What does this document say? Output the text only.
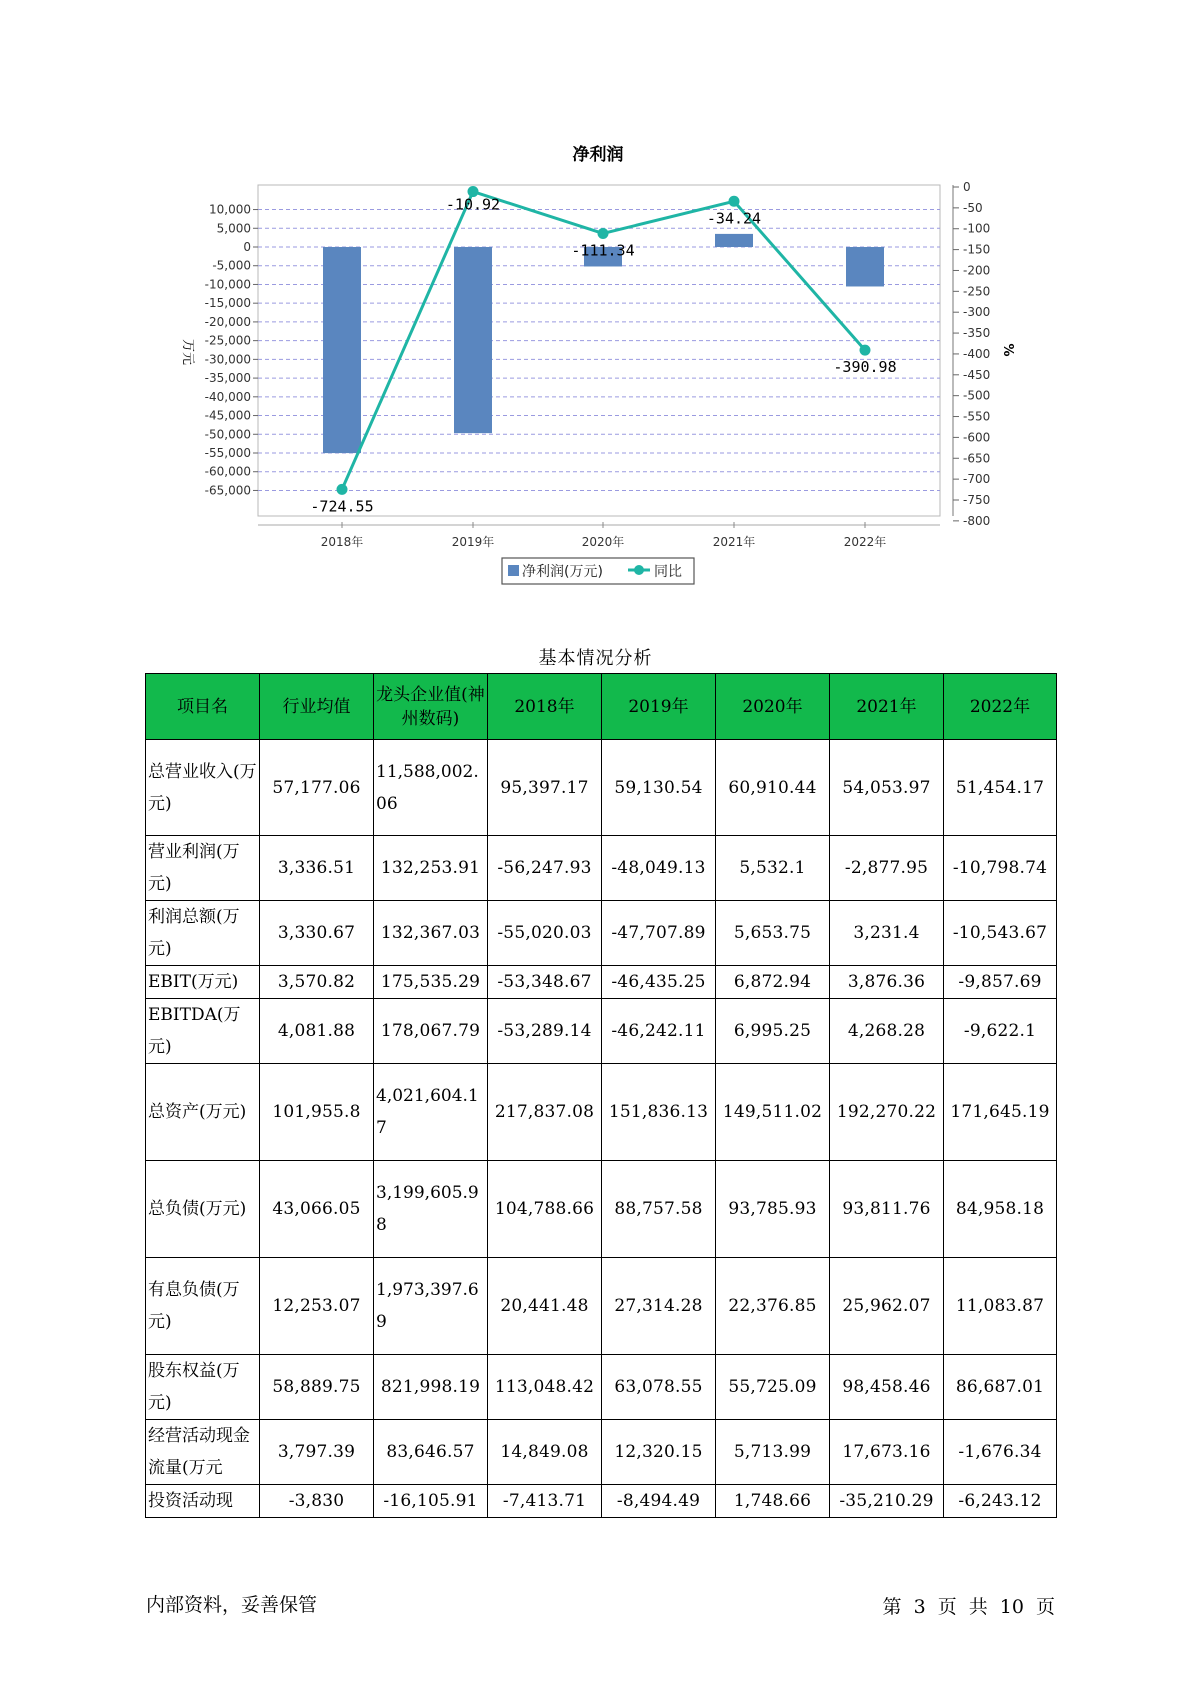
净利润
10,000
5,000
0
-5,000
-10,000
-15,000
-20,000
-25,000
-30,000
-35,000
-40,000
-45,000
-50,000
-55,000
-60,000
-65,000
0
-50
-100
-150
-200
-250
-300
-350
-400
-450
-500
-550
-600
-650
-700
-750
-800
-724.55
-10.92
-111.34
-34.24
-390.98
2018年	2019年	2020年	2021年	2022年
万元	%
净利润(万元)	同比
基本情况分析
项目名	行业均值	龙头企业值(神州数码)	2018年	2019年	2020年	2021年	2022年
总营业收入(万元)	57,177.06	11,588,002.06	95,397.17	59,130.54	60,910.44	54,053.97	51,454.17
营业利润(万元)	3,336.51	132,253.91	-56,247.93	-48,049.13	5,532.1	-2,877.95	-10,798.74
利润总额(万元)	3,330.67	132,367.03	-55,020.03	-47,707.89	5,653.75	3,231.4	-10,543.67
EBIT(万元)	3,570.82	175,535.29	-53,348.67	-46,435.25	6,872.94	3,876.36	-9,857.69
EBITDA(万元)	4,081.88	178,067.79	-53,289.14	-46,242.11	6,995.25	4,268.28	-9,622.1
总资产(万元)	101,955.8	4,021,604.17	217,837.08	151,836.13	149,511.02	192,270.22	171,645.19
总负债(万元)	43,066.05	3,199,605.98	104,788.66	88,757.58	93,785.93	93,811.76	84,958.18
有息负债(万元)	12,253.07	1,973,397.69	20,441.48	27,314.28	22,376.85	25,962.07	11,083.87
股东权益(万元)	58,889.75	821,998.19	113,048.42	63,078.55	55,725.09	98,458.46	86,687.01
经营活动现金流量(万元	3,797.39	83,646.57	14,849.08	12,320.15	5,713.99	17,673.16	-1,676.34
投资活动现	-3,830	-16,105.91	-7,413.71	-8,494.49	1,748.66	-35,210.29	-6,243.12
内部资料，妥善保管	第 3 页 共 10 页
